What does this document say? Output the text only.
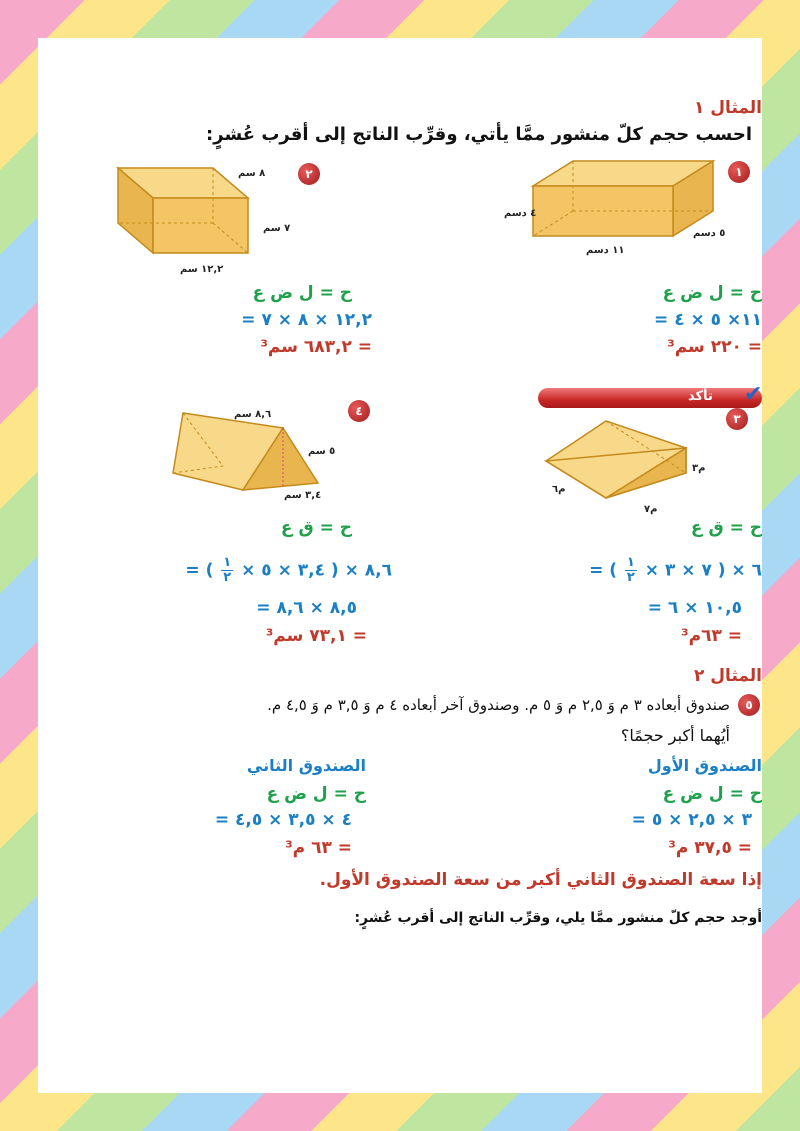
المثال ١
احسب حجم كلّ منشور ممَّا يأتي، وقرِّب الناتج إلى أقرب عُشرٍ:
١
٤ دسم
٥ دسم
١١ دسم
ح = ل ض ع
= ١١× ٥ × ٤
= ٢٢٠ سم³
٢
٨ سم
٧ سم
١٢,٢ سم
ح = ل ض ع
= ١٢,٢ × ٨ × ٧
= ٦٨٣,٢ سم³
تأكد ✔
٣
م٣
م٦
م٧
ح = ق ع
= ( $\frac{١}{٢}$ × ٧ × ٣ ) × ٦
= ١٠,٥ × ٦
= ٦٣م³
٤
٨,٦ سم
٥ سم
٣,٤ سم
ح = ق ع
= ( $\frac{١}{٢}$ × ٣,٤ × ٥ ) × ٨,٦
= ٨,٥ × ٨,٦
= ٧٣,١ سم³
المثال ٢
٥
صندوق أبعاده ٣ م وَ ٢,٥ م وَ ٥ م. وصندوق آخر أبعاده ٤ م وَ ٣,٥ م وَ ٤,٥ م.
أيُهما أكبر حجمًا؟
الصندوق الأول
ح = ل ض ع
= ٣ × ٢,٥ × ٥
= ٣٧,٥ م³
الصندوق الثاني
ح = ل ض ع
= ٤ × ٣,٥ × ٤,٥
= ٦٣ م³
إذا سعة الصندوق الثاني أكبر من سعة الصندوق الأول.
أوجد حجم كلّ منشور ممَّا يلي، وقرِّب الناتج إلى أقرب عُشرٍ:
